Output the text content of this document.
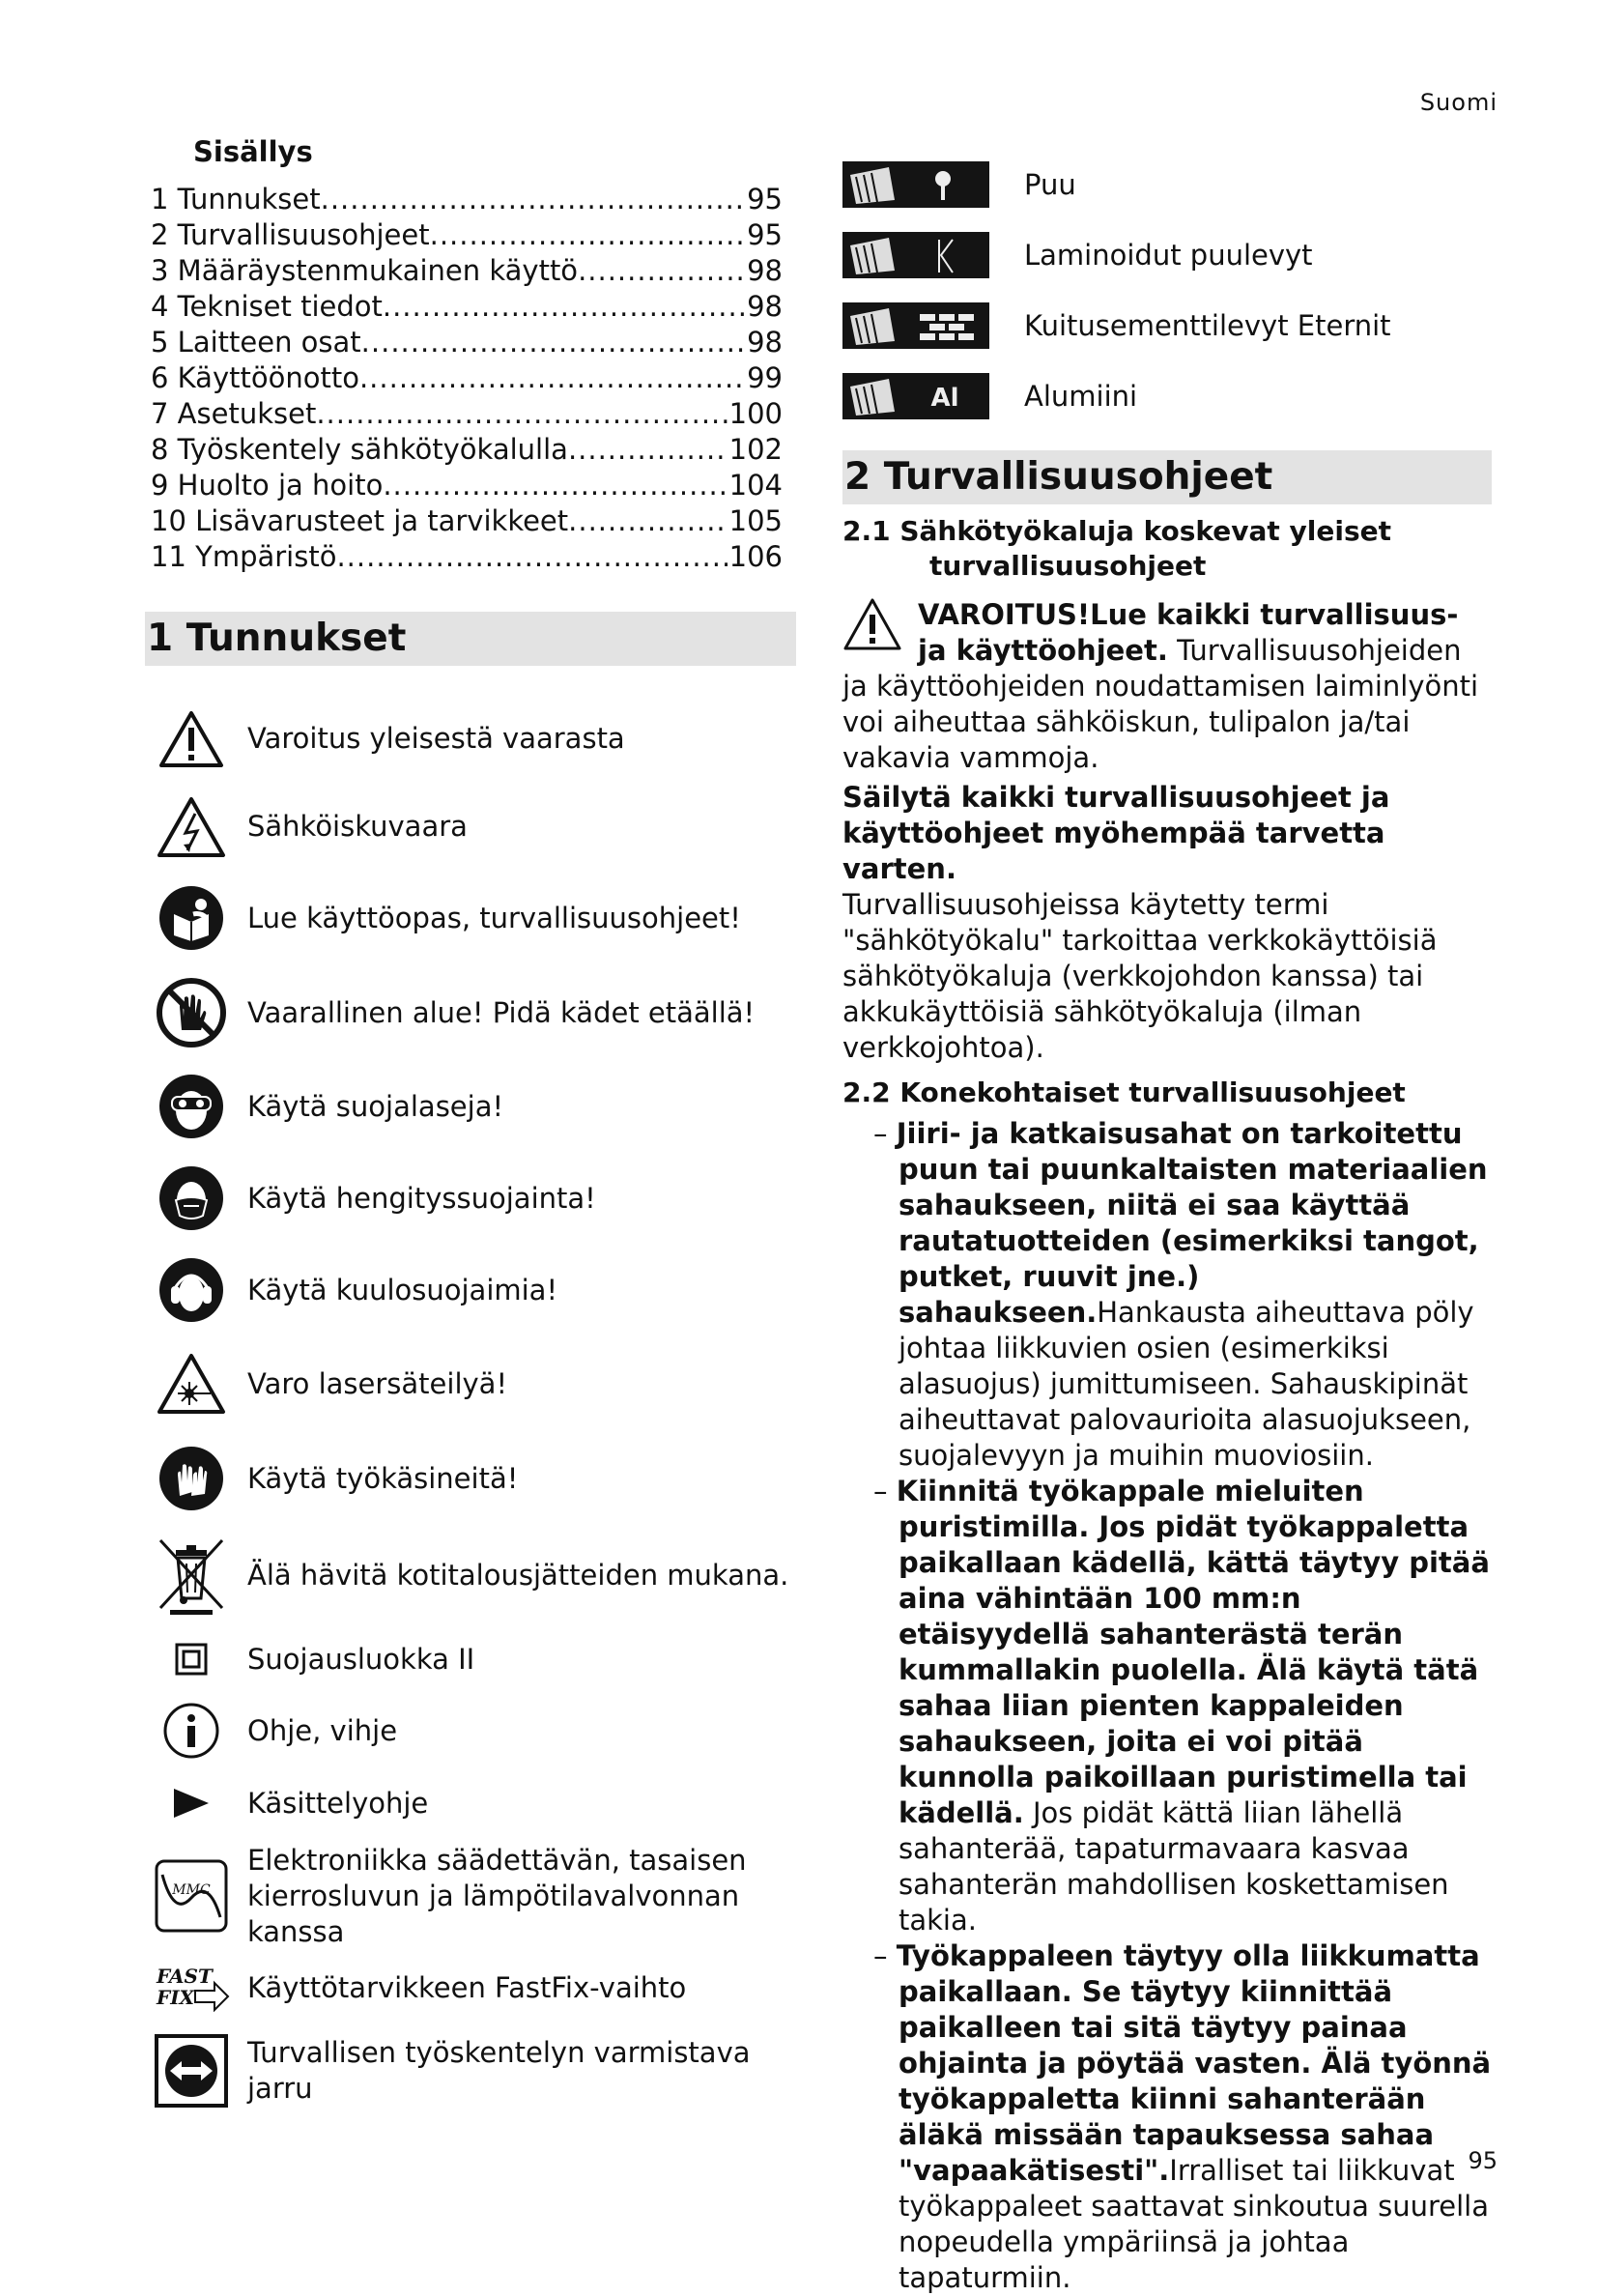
Suomi
Sisällys
1 Tunnukset .....	95
2 Turvallisuusohjeet .....	95
3 Määräystenmukainen käyttö .....	98
4 Tekniset tiedot .....	98
5 Laitteen osat .....	98
6 Käyttöönotto .....	99
7 Asetukset .....	100
8 Työskentely sähkötyökalulla .....	102
9 Huolto ja hoito .....	104
10 Lisävarusteet ja tarvikkeet .....	105
11 Ympäristö .....	106
1 Tunnukset
Varoitus yleisestä vaarasta
Sähköiskuvaara
Lue käyttöopas, turvallisuusohjeet!
Vaarallinen alue! Pidä kädet etäällä!
Käytä suojalaseja!
Käytä hengityssuojainta!
Käytä kuulosuojaimia!
Varo lasersäteilyä!
Käytä työkäsineitä!
Älä hävitä kotitalousjätteiden mukana.
Suojausluokka II
Ohje, vihje
Käsittelyohje
MMC
Elektroniikka säädettävän, tasaisen kierrosluvun ja lämpötilavalvonnan kanssa
FAST
FIX	Käyttötarvikkeen FastFix-vaihto
Turvallisen työskentelyn varmistava jarru
Puu
Laminoidut puulevyt
Kuitusementtilevyt Eternit
Al	Alumiini
2 Turvallisuusohjeet
2.1 Sähkötyökaluja koskevat yleiset turvallisuusohjeet
VAROITUS!Lue kaikki turvallisuus- ja käyttöohjeet. Turvallisuusohjeiden ja käyttöohjeiden noudattamisen laiminlyönti voi aiheuttaa sähköiskun, tulipalon ja/tai vakavia vammoja.
Säilytä kaikki turvallisuusohjeet ja käyttöohjeet myöhempää tarvetta varten.
Turvallisuusohjeissa käytetty termi "sähkötyökalu" tarkoittaa verkkokäyttöisiä sähkötyökaluja (verkkojohdon kanssa) tai akkukäyttöisiä sähkötyökaluja (ilman verkkojohtoa).
2.2 Konekohtaiset turvallisuusohjeet
– Jiiri- ja katkaisusahat on tarkoitettu puun tai puunkaltaisten materiaalien sahaukseen, niitä ei saa käyttää rautatuotteiden (esimerkiksi tangot, putket, ruuvit jne.) sahaukseen.Hankausta aiheuttava pöly johtaa liikkuvien osien (esimerkiksi alasuojus) jumittumiseen. Sahauskipinät aiheuttavat palovaurioita alasuojukseen, suojalevyyn ja muihin muoviosiin.
– Kiinnitä työkappale mieluiten puristimilla. Jos pidät työkappaletta paikallaan kädellä, kättä täytyy pitää aina vähintään 100 mm:n etäisyydellä sahanterästä terän kummallakin puolella. Älä käytä tätä sahaa liian pienten kappaleiden sahaukseen, joita ei voi pitää kunnolla paikoillaan puristimella tai kädellä. Jos pidät kättä liian lähellä sahanterää, tapaturmavaara kasvaa sahanterän mahdollisen koskettamisen takia.
– Työkappaleen täytyy olla liikkumatta paikallaan. Se täytyy kiinnittää paikalleen tai sitä täytyy painaa ohjainta ja pöytää vasten. Älä työnnä työkappaletta kiinni sahanterään äläkä missään tapauksessa sahaa "vapaakätisesti".Irralliset tai liikkuvat työkappaleet saattavat sinkoutua suurella nopeudella ympäriinsä ja johtaa tapaturmiin.
95
